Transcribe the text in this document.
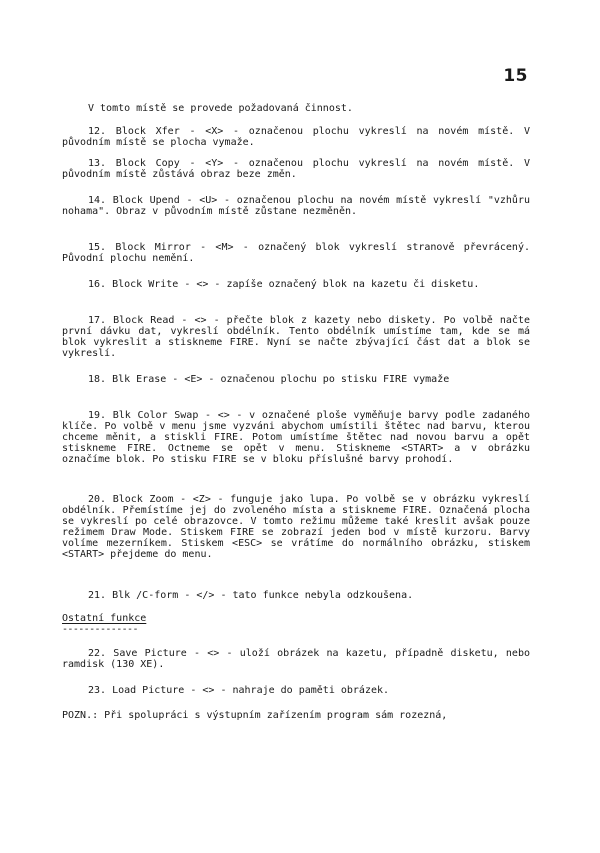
15
V tomto místě se provede požadovaná činnost.
12. Block Xfer - <X> - označenou plochu vykreslí na novém místě. V původním místě se plocha vymaže.
13. Block Copy - <Y> - označenou plochu vykreslí na novém místě. V původním místě zůstává obraz beze změn.
14. Block Upend - <U> - označenou plochu na novém místě vykreslí "vzhůru nohama". Obraz v původním místě zůstane nezměněn.
15. Block Mirror - <M> - označený blok vykreslí stranově převrácený. Původní plochu nemění.
16. Block Write - <> - zapíše označený blok na kazetu či disketu.
17. Block Read - <> - přečte blok z kazety nebo diskety. Po volbě načte první dávku dat, vykreslí obdélník. Tento obdélník umístíme tam, kde se má blok vykreslit a stiskneme FIRE. Nyní se načte zbývající část dat a blok se vykreslí.
18. Blk Erase - <E> - označenou plochu po stisku FIRE vymaže
19. Blk Color Swap - <> - v označené ploše vyměňuje barvy podle zadaného klíče. Po volbě v menu jsme vyzváni abychom umístili štětec nad barvu, kterou chceme měnit, a stiskli FIRE. Potom umístíme štětec nad novou barvu a opět stiskneme FIRE. Octneme se opět v menu. Stiskneme <START> a v obrázku označíme blok. Po stisku FIRE se v bloku příslušné barvy prohodí.
20. Block Zoom - <Z> - funguje jako lupa. Po volbě se v obrázku vykreslí obdélník. Přemístíme jej do zvoleného místa a stiskneme FIRE. Označená plocha se vykreslí po celé obrazovce. V tomto režimu můžeme také kreslit avšak pouze režimem Draw Mode. Stiskem FIRE se zobrazí jeden bod v místě kurzoru. Barvy volíme mezerníkem. Stiskem <ESC> se vrátíme do normálního obrázku, stiskem <START> přejdeme do menu.
21. Blk /C-form - </> - tato funkce nebyla odzkoušena.
Ostatní funkce
--------------
22. Save Picture - <> - uloží obrázek na kazetu, případně disketu, nebo ramdisk (130 XE).
23. Load Picture - <> - nahraje do paměti obrázek.
POZN.: Při spolupráci s výstupním zařízením program sám rozezná,
